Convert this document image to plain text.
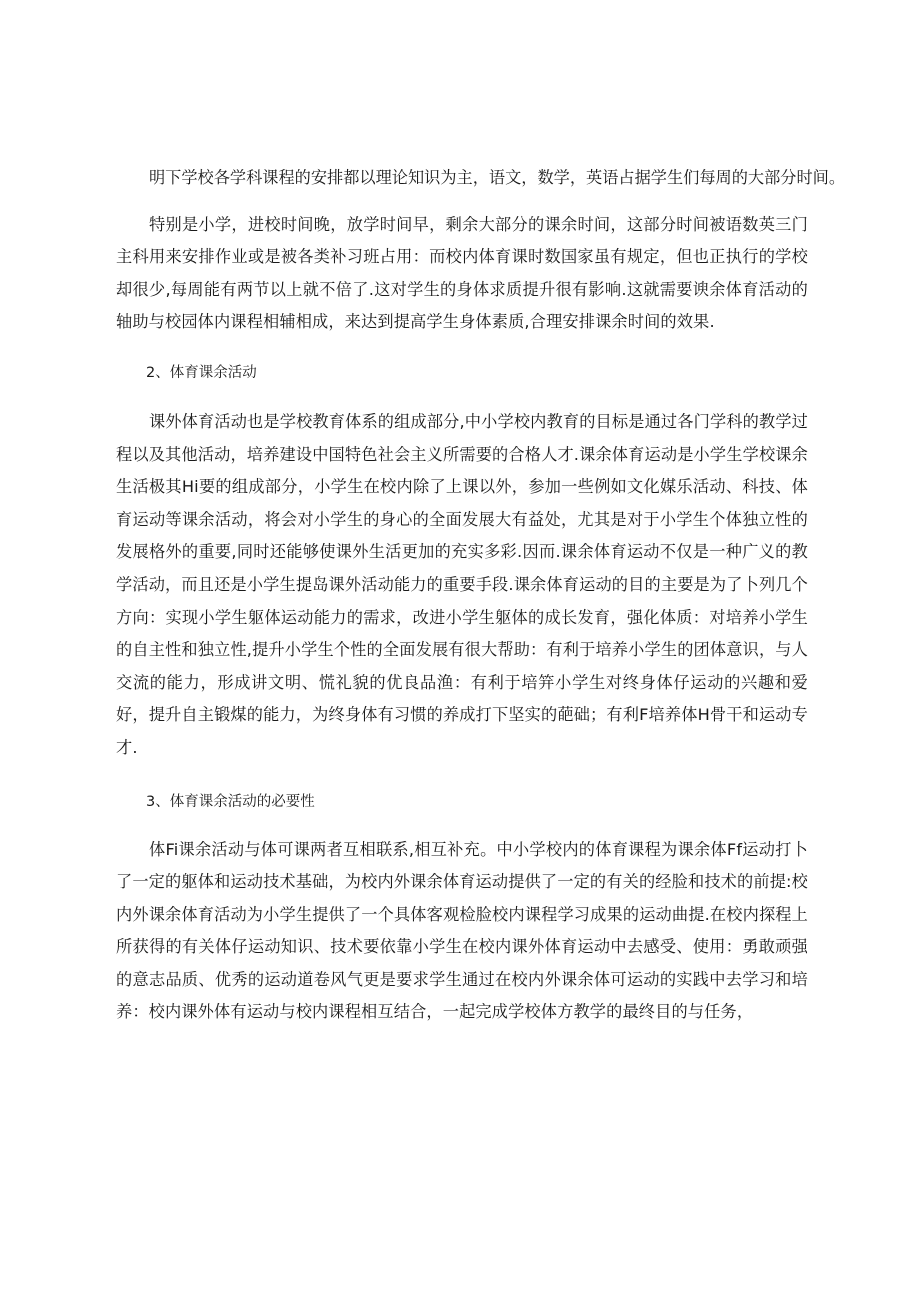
明下学校各学科课程的安排都以理论知识为主，语文，数学，英语占据学生们每周的大部分时间。

特别是小学，进校时间晚，放学时间早，剩余大部分的课余时间，这部分时间被语数英三门主科用来安排作业或是被各类补习班占用：而校内体育课时数国家虽有规定，但也正执行的学校却很少,每周能有两节以上就不倍了.这对学生的身体求质提升很有影响.这就需要谀余体育活动的轴助与校园体内课程相辅相成，来达到提高学生身体素质,合理安排课余时间的效果.

2、体育课余活动

课外体育活动也是学校教育体系的组成部分,中小学校内教育的目标是通过各门学科的教学过程以及其他活动，培养建设中国特色社会主义所需要的合格人才.课余体育运动是小学生学校课余生活极其Hi要的组成部分，小学生在校内除了上课以外，参加一些例如文化媒乐活动、科技、体育运动等课余活动，将会对小学生的身心的全面发展大有益处，尤其是对于小学生个体独立性的发展格外的重要,同时还能够使课外生活更加的充实多彩.因而.课余体育运动不仅是一种广义的教学活动，而且还是小学生提岛课外活动能力的重要手段.课余体育运动的目的主要是为了卜列几个方向：实现小学生躯体运动能力的需求，改进小学生躯体的成长发育，强化体质：对培养小学生的自主性和独立性,提升小学生个性的全面发展有很大帮助：有利于培养小学生的团体意识，与人交流的能力，形成讲文明、慌礼貌的优良品渔：有利于培笄小学生对终身体仔运动的兴趣和爱好，提升自主锻煤的能力，为终身体有习惯的养成打下坚实的葩础；有利F培养体H骨干和运动专才.

3、体育课余活动的必要性

体Fi课余活动与体可课两者互相联系,相互补充。中小学校内的体育课程为课余体Ff运动打卜了一定的躯体和运动技术基础，为校内外课余体育运动提供了一定的有关的经脸和技术的前提:校内外课余体育活动为小学生提供了一个具体客观检脸校内课程学习成果的运动曲提.在校内探程上所获得的有关体仔运动知识、技术要依靠小学生在校内课外体育运动中去感受、使用：勇敢顽强的意志品质、优秀的运动道卷风气更是要求学生通过在校内外课余体可运动的实践中去学习和培养：校内课外体有运动与校内课程相互结合，一起完成学校体方教学的最终目的与任务，
